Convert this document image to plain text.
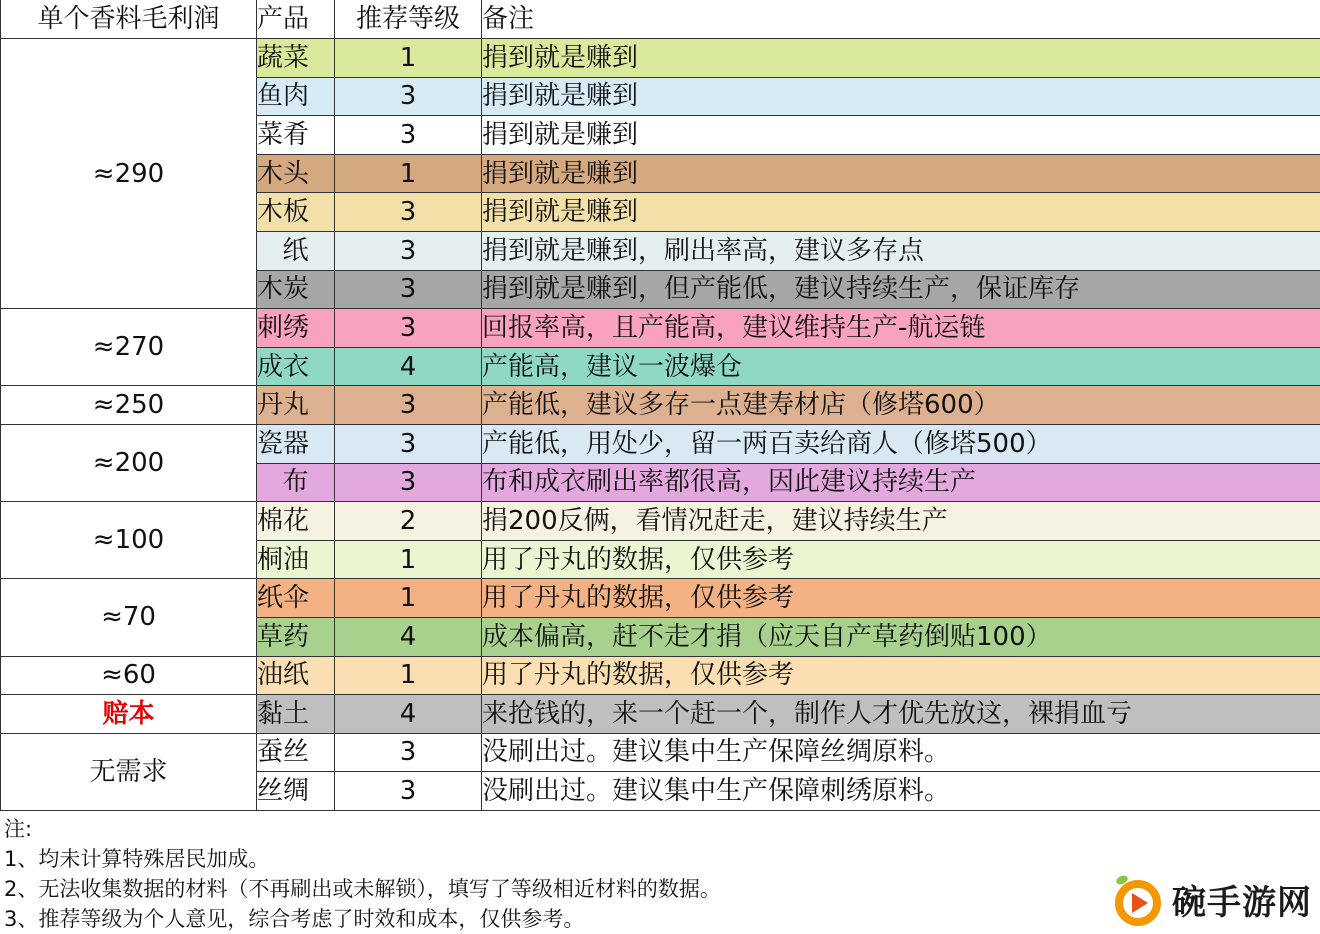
单个香料毛利润	产品	推荐等级	备注
≈290	蔬菜	1	捐到就是赚到
	鱼肉	3	捐到就是赚到
	菜肴	3	捐到就是赚到
	木头	1	捐到就是赚到
	木板	3	捐到就是赚到
	纸	3	捐到就是赚到，刷出率高，建议多存点
	木炭	3	捐到就是赚到，但产能低，建议持续生产，保证库存
≈270	刺绣	3	回报率高，且产能高，建议维持生产-航运链
	成衣	4	产能高，建议一波爆仓
≈250	丹丸	3	产能低，建议多存一点建寿材店（修塔600）
≈200	瓷器	3	产能低，用处少，留一两百卖给商人（修塔500）
	布	3	布和成衣刷出率都很高，因此建议持续生产
≈100	棉花	2	捐200反俩，看情况赶走，建议持续生产
	桐油	1	用了丹丸的数据，仅供参考
≈70	纸伞	1	用了丹丸的数据，仅供参考
	草药	4	成本偏高，赶不走才捐（应天自产草药倒贴100）
≈60	油纸	1	用了丹丸的数据，仅供参考
赔本	黏土	4	来抢钱的，来一个赶一个，制作人才优先放这，裸捐血亏
无需求	蚕丝	3	没刷出过。建议集中生产保障丝绸原料。
	丝绸	3	没刷出过。建议集中生产保障刺绣原料。
注:
1、均未计算特殊居民加成。
2、无法收集数据的材料（不再刷出或未解锁），填写了等级相近材料的数据。
3、推荐等级为个人意见，综合考虑了时效和成本，仅供参考。	碗手游网
